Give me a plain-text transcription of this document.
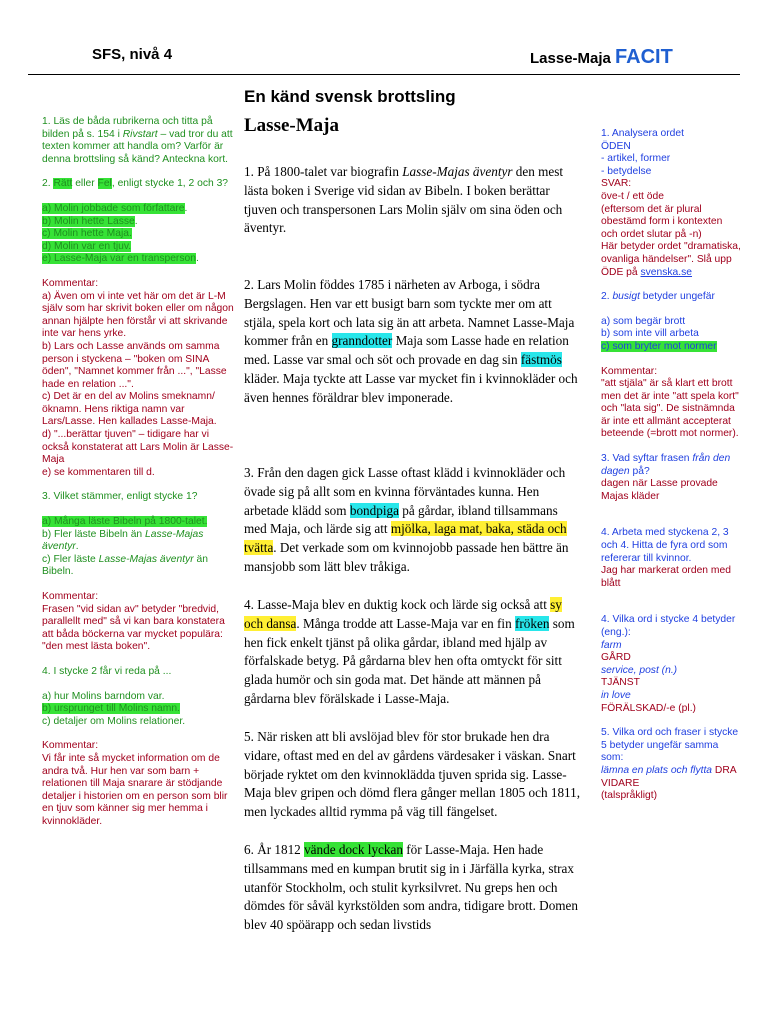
SFS, nivå 4	Lasse-Maja FACIT
En känd svensk brottsling
Lasse-Maja

1. På 1800-talet var biografin Lasse-Majas äventyr den mest lästa boken i Sverige vid sidan av Bibeln. I boken berättar tjuven och transpersonen Lars Molin själv om sina öden och äventyr.

2. Lars Molin föddes 1785 i närheten av Arboga, i södra Bergslagen. Hen var ett busigt barn som tyckte mer om att stjäla, spela kort och lata sig än att arbeta. Namnet Lasse-Maja kommer från en granndotter Maja som Lasse hade en relation med. Lasse var smal och söt och provade en dag sin fästmös kläder. Maja tyckte att Lasse var mycket fin i kvinnokläder och även hennes föräldrar blev imponerade.

3. Från den dagen gick Lasse oftast klädd i kvinnokläder och övade sig på allt som en kvinna förväntades kunna. Hen arbetade klädd som bondpiga på gårdar, ibland tillsammans med Maja, och lärde sig att mjölka, laga mat, baka, städa och tvätta. Det verkade som om kvinnojobb passade hen bättre än mansjobb som lätt blev tråkiga.

4. Lasse-Maja blev en duktig kock och lärde sig också att sy och dansa. Många trodde att Lasse-Maja var en fin fröken som hen fick enkelt tjänst på olika gårdar, ibland med hjälp av förfalskade betyg. På gårdarna blev hen ofta omtyckt för sitt glada humör och sin goda mat. Det hände att männen på gårdarna blev förälskade i Lasse-Maja.

5. När risken att bli avslöjad blev för stor brukade hen dra vidare, oftast med en del av gårdens värdesaker i väskan. Snart började ryktet om den kvinnoklädda tjuven sprida sig. Lasse-Maja blev gripen och dömd flera gånger mellan 1805 och 1811, men lyckades alltid rymma på väg till fängelset.

6. År 1812 vände dock lyckan för Lasse-Maja. Hen hade tillsammans med en kumpan brutit sig in i Järfälla kyrka, strax utanför Stockholm, och stulit kyrksilvret. Nu greps hen och dömdes för såväl kyrkstölden som andra, tidigare brott. Domen blev 40 spöärapp och sedan livstids

1. Läs de båda rubrikerna och titta på bilden på s. 154 i Rivstart – vad tror du att texten kommer att handla om? Varför är denna brottsling så känd? Anteckna kort.
2. Rätt eller Fel, enligt stycke 1, 2 och 3?
a) Molin jobbade som författare.
b) Molin hette Lasse.
c) Molin hette Maja.
d) Molin var en tjuv.
e) Lasse-Maja var en transperson.
Kommentar:
a) Även om vi inte vet här om det är L-M själv som har skrivit boken eller om någon annan hjälpte hen förstår vi att skrivande inte var hens yrke.
b) Lars och Lasse används om samma person i styckena – "boken om SINA öden", "Namnet kommer från ...", "Lasse hade en relation ...".
c) Det är en del av Molins smeknamn/öknamn. Hens riktiga namn var Lars/Lasse. Hen kallades Lasse-Maja.
d) "...berättar tjuven" – tidigare har vi också konstaterat att Lars Molin är Lasse-Maja
e) se kommentaren till d.
3. Vilket stämmer, enligt stycke 1?
a) Många läste Bibeln på 1800-talet.
b) Fler läste Bibeln än Lasse-Majas äventyr.
c) Fler läste Lasse-Majas äventyr än Bibeln.
Kommentar:
Frasen "vid sidan av" betyder "bredvid, parallellt med" så vi kan bara konstatera att båda böckerna var mycket populära: "den mest lästa boken".
4. I stycke 2 får vi reda på ...
a) hur Molins barndom var.
b) ursprunget till Molins namn.
c) detaljer om Molins relationer.
Kommentar:
Vi får inte så mycket information om de andra två. Hur hen var som barn + relationen till Maja snarare är stödjande detaljer i historien om en person som blir en tjuv som känner sig mer hemma i kvinnokläder.
1. Analysera ordet
ÖDEN
- artikel, former
- betydelse
SVAR:
öve-t / ett öde
(eftersom det är plural obestämd form i kontexten och ordet slutar på -n)
Här betyder ordet "dramatiska, ovanliga händelser". Slå upp ÖDE på svenska.se
2. busigt betyder ungefär
a) som begär brott
b) som inte vill arbeta
c) som bryter mot normer
Kommentar:
"att stjäla" är så klart ett brott men det är inte "att spela kort" och "lata sig". De sistnämnda är inte ett allmänt accepterat beteende (=brott mot normer).
3. Vad syftar frasen från den dagen på?
dagen när Lasse provade Majas kläder
4. Arbeta med styckena 2, 3 och 4. Hitta de fyra ord som refererar till kvinnor.
Jag har markerat orden med blått
4. Vilka ord i stycke 4 betyder (eng.):
farm
GÅRD
service, post (n.)
TJÄNST
in love
FÖRÄLSKAD/-e (pl.)
5. Vilka ord och fraser i stycke 5 betyder ungefär samma som:
lämna en plats och flytta DRA VIDARE
(talspråkligt)
